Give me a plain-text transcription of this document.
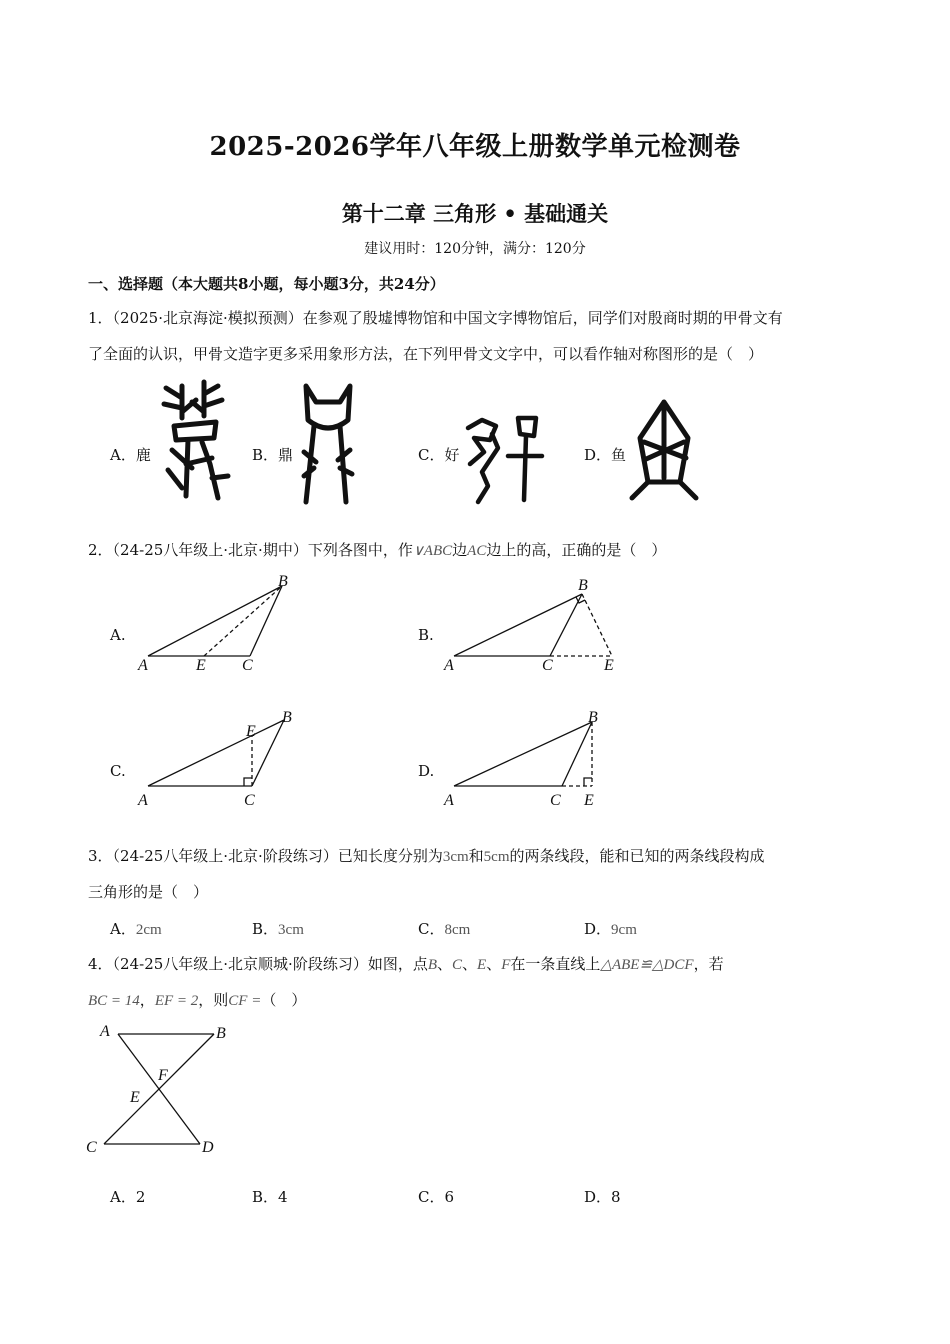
2025-2026学年八年级上册数学单元检测卷
第十二章 三角形 • 基础通关
建议用时：120分钟，满分：120分
一、选择题（本大题共8小题，每小题3分，共24分）
1．（2025·北京海淀·模拟预测）在参观了殷墟博物馆和中国文字博物馆后，同学们对殷商时期的甲骨文有
了全面的认识，甲骨文造字更多采用象形方法，在下列甲骨文文字中，可以看作轴对称图形的是（　）
A．鹿	B．鼎	C．好	D．鱼
2．（24-25八年级上·北京·期中）下列各图中，作∨ABC边AC边上的高，正确的是（　）
A.	B.
C.	D.
A	E C
B
A	C	E
B
A	C
E
B
A	C E
B
3．（24-25八年级上·北京·阶段练习）已知长度分别为3cm和5cm的两条线段，能和已知的两条线段构成
三角形的是（　）
A．2cm	B．3cm	C．8cm	D．9cm
4．（24-25八年级上·北京顺城·阶段练习）如图，点B、C、E、F在一条直线上△ABE≌△DCF，若
BC = 14，EF = 2，则CF =（　）
A	B
F
E
C	D
A．2	B．4	C．6	D．8
